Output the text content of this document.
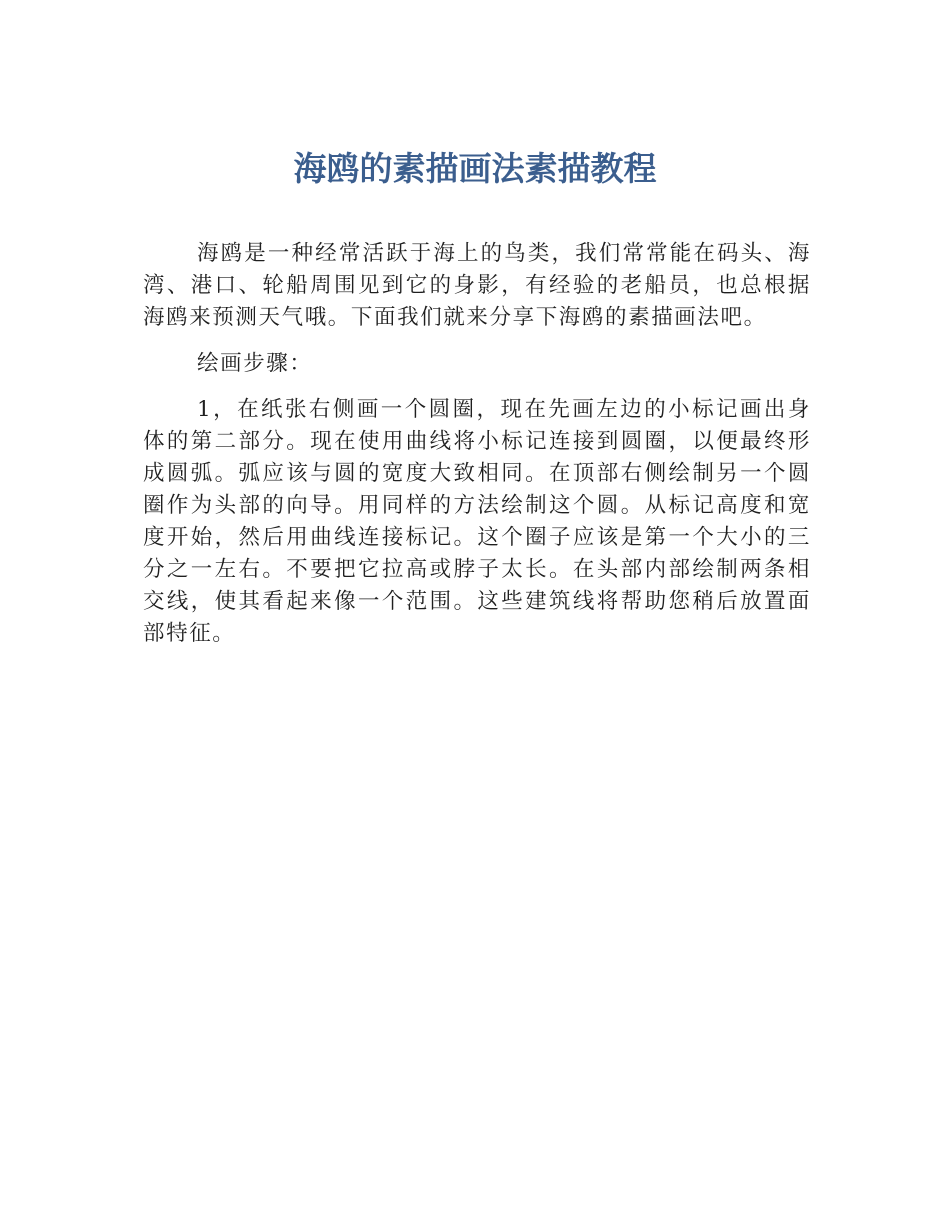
海鸥的素描画法素描教程

海鸥是一种经常活跃于海上的鸟类，我们常常能在码头、海湾、港口、轮船周围见到它的身影，有经验的老船员，也总根据海鸥来预测天气哦。下面我们就来分享下海鸥的素描画法吧。

绘画步骤：

1，在纸张右侧画一个圆圈，现在先画左边的小标记画出身体的第二部分。现在使用曲线将小标记连接到圆圈，以便最终形成圆弧。弧应该与圆的宽度大致相同。在顶部右侧绘制另一个圆圈作为头部的向导。用同样的方法绘制这个圆。从标记高度和宽度开始，然后用曲线连接标记。这个圈子应该是第一个大小的三分之一左右。不要把它拉高或脖子太长。在头部内部绘制两条相交线，使其看起来像一个范围。这些建筑线将帮助您稍后放置面部特征。
